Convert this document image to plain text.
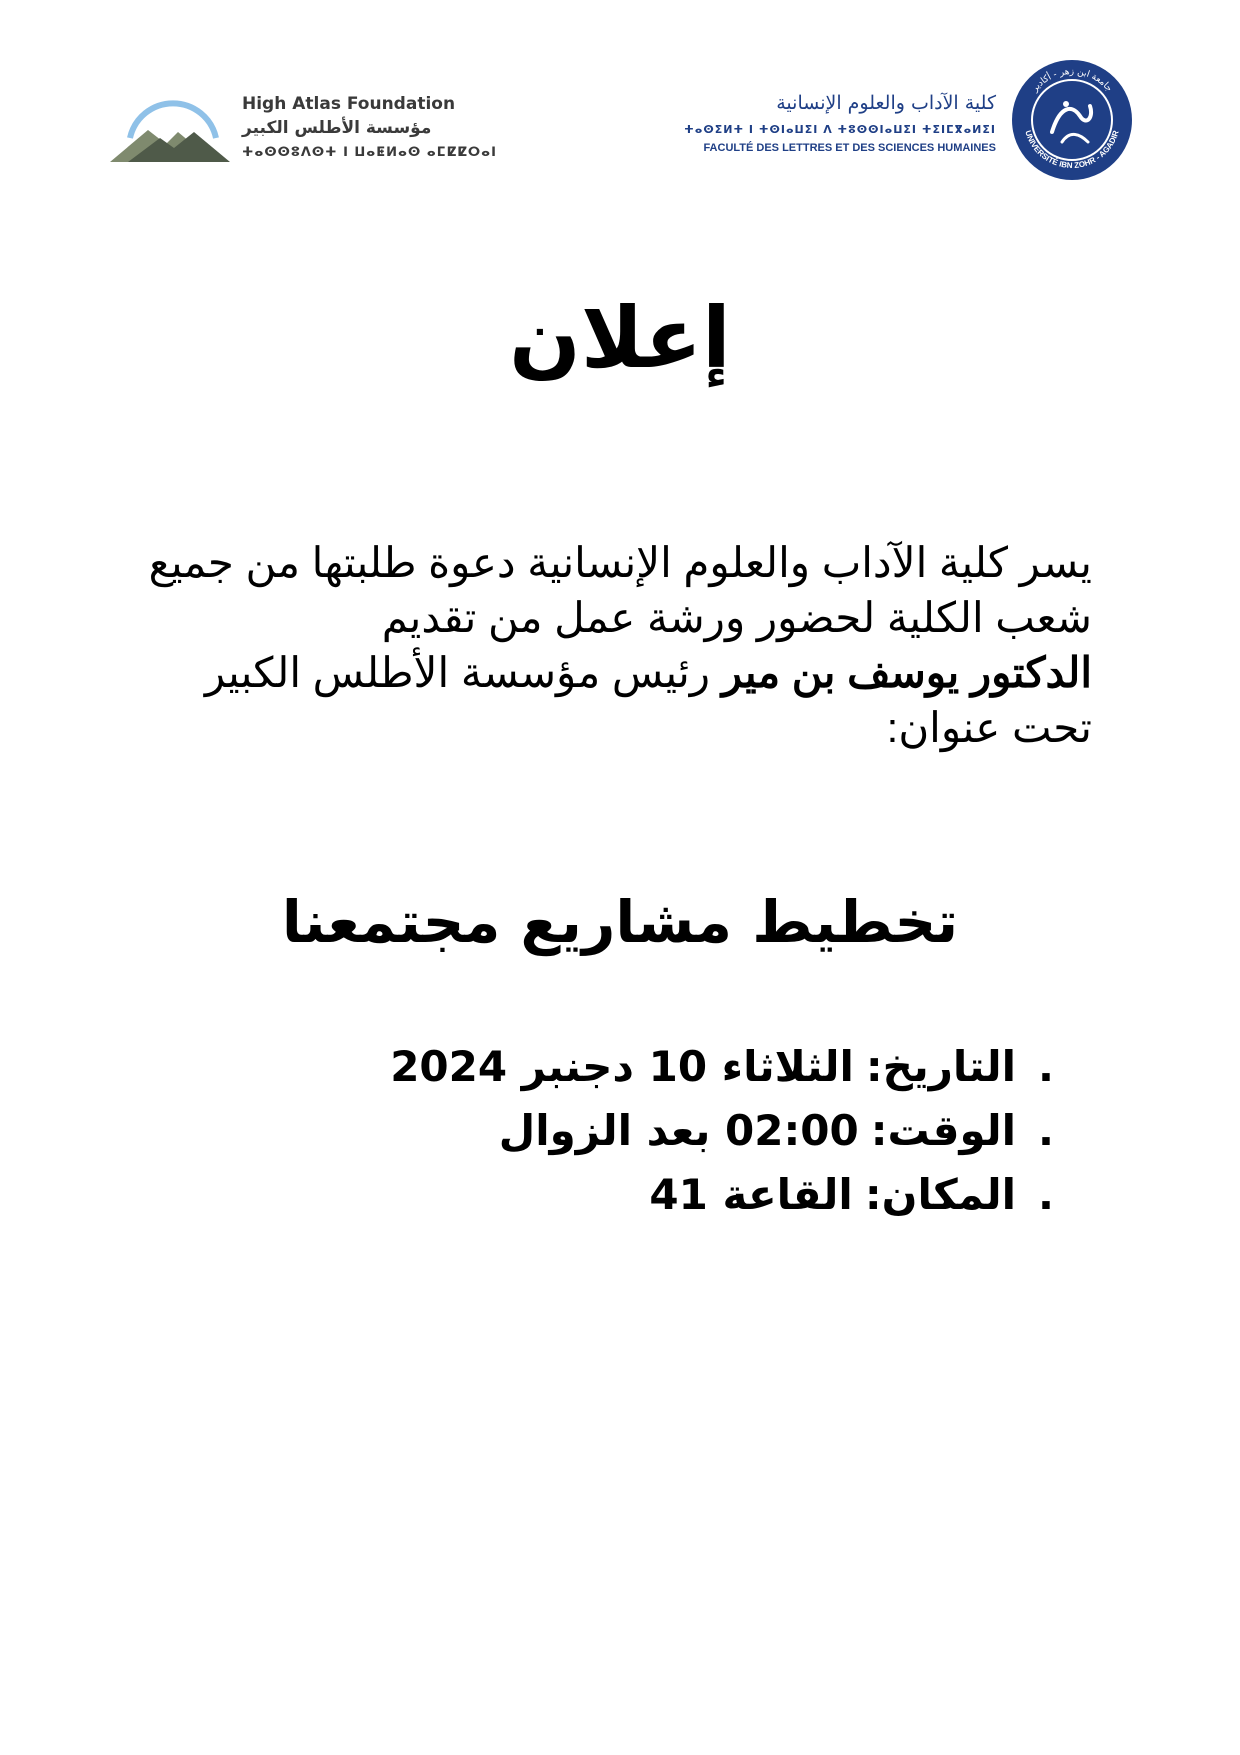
High Atlas Foundation
مؤسسة الأطلس الكبير
ⵜⴰⵙⵙⵓⴷⵙⵜ ⵏ ⵡⴰⵟⵍⴰⵙ ⴰⵎⵇⵇⵔⴰⵏ
كلية الآداب والعلوم الإنسانية
ⵜⴰⵙⵉⵍⵜ ⵏ ⵜⵙⵏⴰⵡⵉⵏ ⴷ ⵜⵓⵙⵙⵏⴰⵡⵉⵏ ⵜⵉⵏⵎⴳⴰⵍⵉⵏ
FACULTÉ DES LETTRES ET DES SCIENCES HUMAINES
جامعة ابن زهر - أكادير
UNIVERSITÉ IBN ZOHR - AGADIR
إعلان
يسر كلية الآداب والعلوم الإنسانية دعوة طلبتها من جميع
شعب الكلية لحضور ورشة عمل من تقديم
الدكتور يوسف بن مير رئيس مؤسسة الأطلس الكبير
تحت عنوان:
تخطيط مشاريع مجتمعنا
.التاريخ:الثلاثاء 10 دجنبر 2024
.الوقت:02:00 بعد الزوال
.المكان:القاعة 41
